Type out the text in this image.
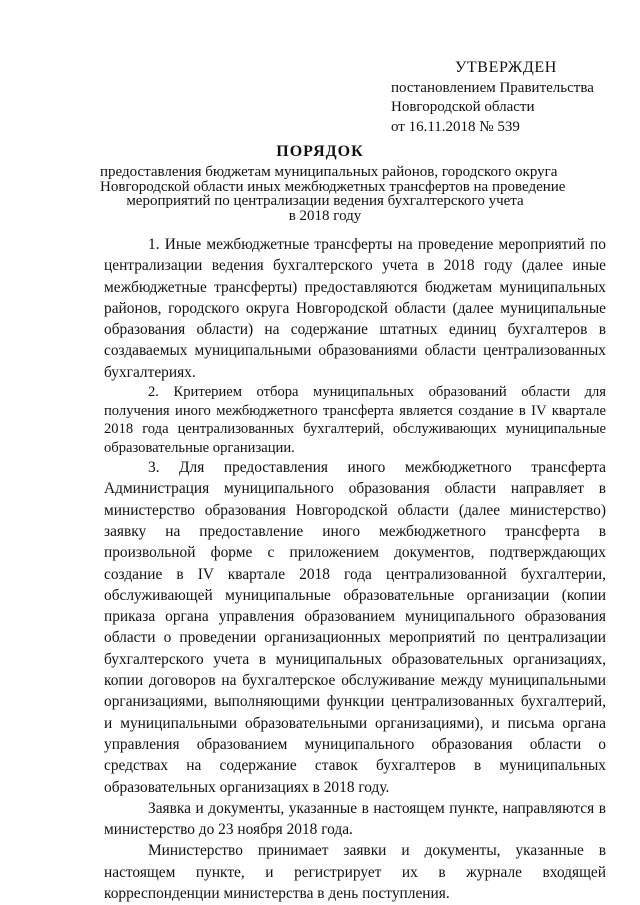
УТВЕРЖДЕН
постановлением Правительства
Новгородской области
от 16.11.2018 № 539
ПОРЯДОК
предоставления бюджетам муниципальных районов, городского округа
Новгородской области иных межбюджетных трансфертов на проведение
мероприятий по централизации ведения бухгалтерского учета
в 2018 году

1. Иные межбюджетные трансферты на проведение мероприятий по централизации ведения бухгалтерского учета в 2018 году (далее иные межбюджетные трансферты) предоставляются бюджетам муниципальных районов, городского округа Новгородской области (далее муниципальные образования области) на содержание штатных единиц бухгалтеров в создаваемых муниципальными образованиями области централизованных бухгалтериях.

2. Критерием отбора муниципальных образований области для получения иного межбюджетного трансферта является создание в IV квартале 2018 года централизованных бухгалтерий, обслуживающих муниципальные образовательные организации.

3. Для предоставления иного межбюджетного трансферта Администрация муниципального образования области направляет в министерство образования Новгородской области (далее министерство) заявку на предоставление иного межбюджетного трансферта в произвольной форме с приложением документов, подтверждающих создание в IV квартале 2018 года централизованной бухгалтерии, обслуживающей муниципальные образовательные организации (копии приказа органа управления образованием муниципального образования области о проведении организационных мероприятий по централизации бухгалтерского учета в муниципальных образовательных организациях, копии договоров на бухгалтерское обслуживание между муниципальными организациями, выполняющими функции централизованных бухгалтерий, и муниципальными образовательными организациями), и письма органа управления образованием муниципального образования области о средствах на содержание ставок бухгалтеров в муниципальных образовательных организациях в 2018 году.

Заявка и документы, указанные в настоящем пункте, направляются в министерство до 23 ноября 2018 года.

Министерство принимает заявки и документы, указанные в настоящем пункте, и регистрирует их в журнале входящей корреспонденции министерства в день поступления.
